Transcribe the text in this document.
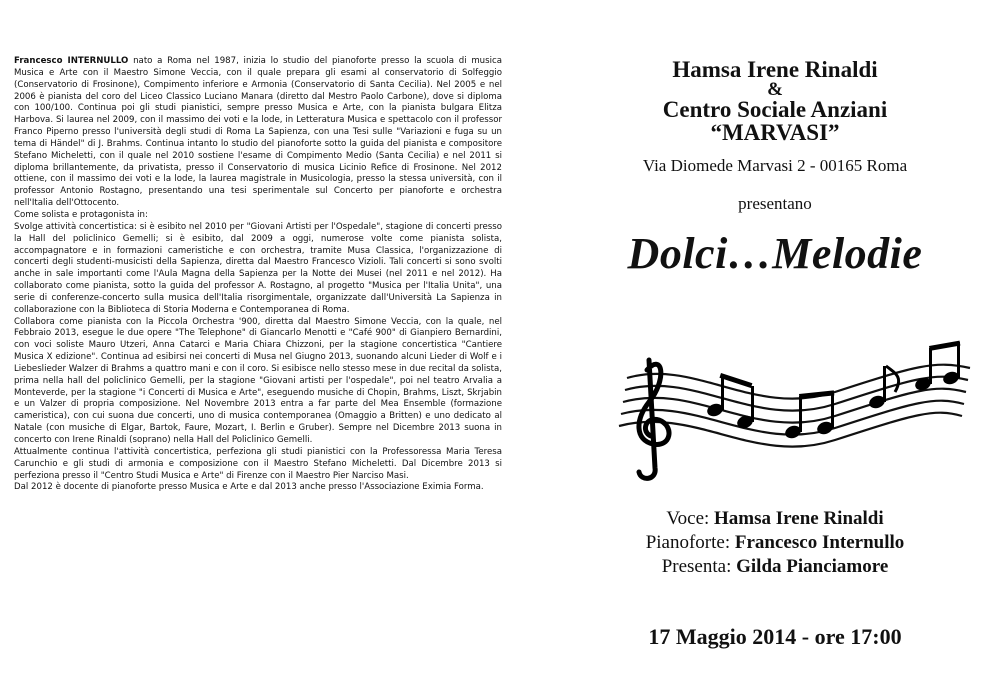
Francesco INTERNULLO nato a Roma nel 1987, inizia lo studio del pianoforte presso la scuola di musica Musica e Arte con il Maestro Simone Veccia, con il quale prepara gli esami al conservatorio di Solfeggio (Conservatorio di Frosinone), Compimento inferiore e Armonia (Conservatorio di Santa Cecilia). Nel 2005 e nel 2006 è pianista del coro del Liceo Classico Luciano Manara (diretto dal Mestro Paolo Carbone), dove si diploma con 100/100. Continua poi gli studi pianistici, sempre presso Musica e Arte, con la pianista bulgara Elitza Harbova. Si laurea nel 2009, con il massimo dei voti e la lode, in Letteratura Musica e spettacolo con il professor Franco Piperno presso l'università degli studi di Roma La Sapienza, con una Tesi sulle "Variazioni e fuga su un tema di Händel" di J. Brahms. Continua intanto lo studio del pianoforte sotto la guida del pianista e compositore Stefano Micheletti, con il quale nel 2010 sostiene l'esame di Compimento Medio (Santa Cecilia) e nel 2011 si diploma brillantemente, da privatista, presso il Conservatorio di musica Licinio Refice di Frosinone. Nel 2012 ottiene, con il massimo dei voti e la lode, la laurea magistrale in Musicologia, presso la stessa università, con il professor Antonio Rostagno, presentando una tesi sperimentale sul Concerto per pianoforte e orchestra nell'Italia dell'Ottocento.

Come solista e protagonista in:

Svolge attività concertistica: si è esibito nel 2010 per "Giovani Artisti per l'Ospedale", stagione di concerti presso la Hall del policlinico Gemelli; si è esibito, dal 2009 a oggi, numerose volte come pianista solista, accompagnatore e in formazioni cameristiche e con orchestra, tramite Musa Classica, l'organizzazione di concerti degli studenti-musicisti della Sapienza, diretta dal Maestro Francesco Vizioli. Tali concerti si sono svolti anche in sale importanti come l'Aula Magna della Sapienza per la Notte dei Musei (nel 2011 e nel 2012). Ha collaborato come pianista, sotto la guida del professor A. Rostagno, al progetto "Musica per l'Italia Unita", una serie di conferenze-concerto sulla musica dell'Italia risorgimentale, organizzate dall'Università La Sapienza in collaborazione con la Biblioteca di Storia Moderna e Contemporanea di Roma.

Collabora come pianista con la Piccola Orchestra '900, diretta dal Maestro Simone Veccia, con la quale, nel Febbraio 2013, esegue le due opere "The Telephone" di Giancarlo Menotti e "Café 900" di Gianpiero Bernardini, con voci soliste Mauro Utzeri, Anna Catarci e Maria Chiara Chizzoni, per la stagione concertistica "Cantiere Musica X edizione". Continua ad esibirsi nei concerti di Musa nel Giugno 2013, suonando alcuni Lieder di Wolf e i Liebeslieder Walzer di Brahms a quattro mani e con il coro. Si esibisce nello stesso mese in due recital da solista, prima nella hall del policlinico Gemelli, per la stagione "Giovani artisti per l'ospedale", poi nel teatro Arvalia a Monteverde, per la stagione "i Concerti di Musica e Arte", eseguendo musiche di Chopin, Brahms, Liszt, Skrjabin e un Valzer di propria composizione. Nel Novembre 2013 entra a far parte del Mea Ensemble (formazione cameristica), con cui suona due concerti, uno di musica contemporanea (Omaggio a Britten) e uno dedicato al Natale (con musiche di Elgar, Bartok, Faure, Mozart, I. Berlin e Gruber). Sempre nel Dicembre 2013 suona in concerto con Irene Rinaldi (soprano) nella Hall del Policlinico Gemelli.

Attualmente continua l'attività concertistica, perfeziona gli studi pianistici con la Professoressa Maria Teresa Carunchio e gli studi di armonia e composizione con il Maestro Stefano Micheletti. Dal Dicembre 2013 si perfeziona presso il "Centro Studi Musica e Arte" di Firenze con il Maestro Pier Narciso Masi.

Dal 2012 è docente di pianoforte presso Musica e Arte e dal 2013 anche presso l'Associazione Eximia Forma.

Hamsa Irene Rinaldi
&
Centro Sociale Anziani
“MARVASI”
Via Diomede Marvasi 2 - 00165 Roma
presentano
Dolci…Melodie
Voce: Hamsa Irene Rinaldi
Pianoforte: Francesco Internullo
Presenta: Gilda Pianciamore
17 Maggio 2014 - ore 17:00
